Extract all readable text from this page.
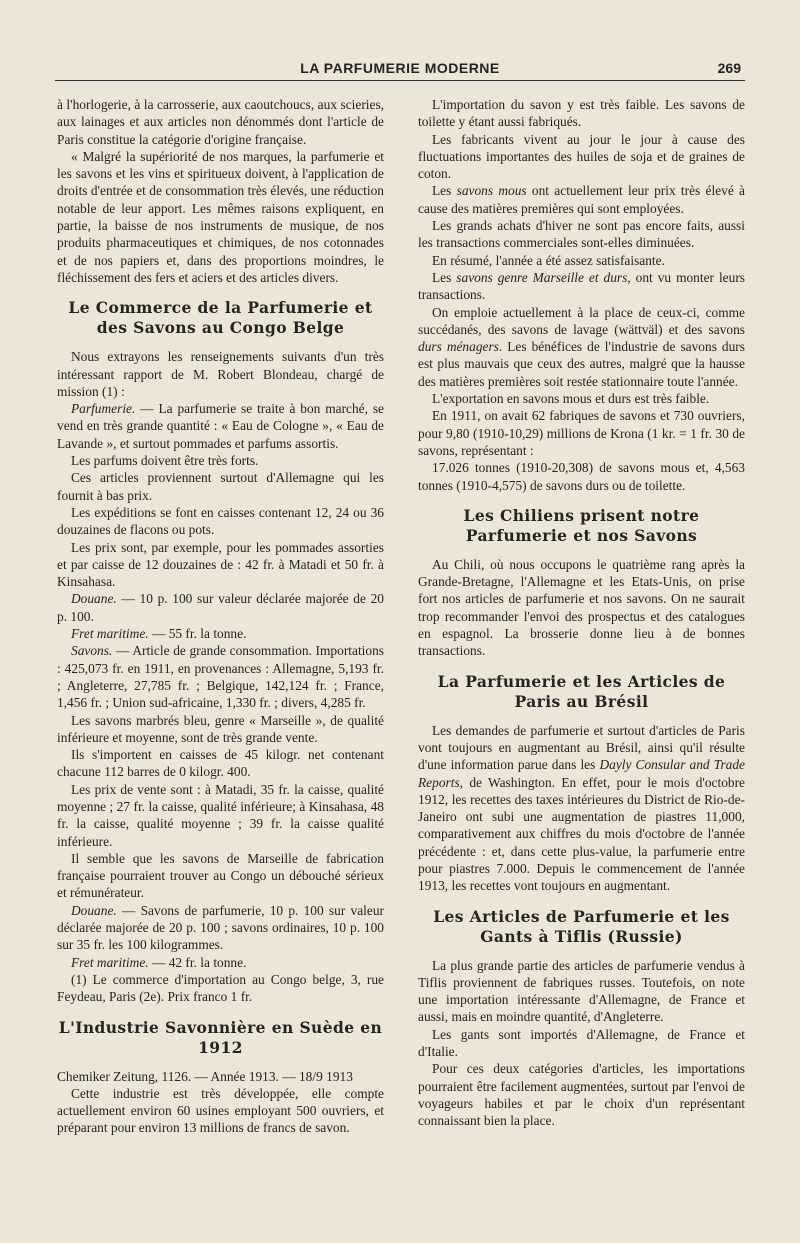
LA PARFUMERIE MODERNE	269

à l'horlogerie, à la carrosserie, aux caoutchoucs, aux scieries, aux lainages et aux articles non dénommés dont l'article de Paris constitue la catégorie d'origine française.

« Malgré la supériorité de nos marques, la parfumerie et les savons et les vins et spiritueux doivent, à l'application de droits d'entrée et de consommation très élevés, une réduction notable de leur apport. Les mêmes raisons expliquent, en partie, la baisse de nos instruments de musique, de nos produits pharmaceutiques et chimiques, de nos cotonnades et de nos papiers et, dans des proportions moindres, le fléchissement des fers et aciers et des articles divers.

Le Commerce de la Parfumerie et des Savons au Congo Belge

Nous extrayons les renseignements suivants d'un très intéressant rapport de M. Robert Blondeau, chargé de mission (1) :

Parfumerie. — La parfumerie se traite à bon marché, se vend en très grande quantité : « Eau de Cologne », « Eau de Lavande », et surtout pommades et parfums assortis.

Les parfums doivent être très forts.

Ces articles proviennent surtout d'Allemagne qui les fournit à bas prix.

Les expéditions se font en caisses contenant 12, 24 ou 36 douzaines de flacons ou pots.

Les prix sont, par exemple, pour les pommades assorties et par caisse de 12 douzaines de : 42 fr. à Matadi et 50 fr. à Kinsahasa.

Douane. — 10 p. 100 sur valeur déclarée majorée de 20 p. 100.

Fret maritime. — 55 fr. la tonne.

Savons. — Article de grande consommation. Importations : 425,073 fr. en 1911, en provenances : Allemagne, 5,193 fr. ; Angleterre, 27,785 fr. ; Belgique, 142,124 fr. ; France, 1,456 fr. ; Union sud-africaine, 1,330 fr. ; divers, 4,285 fr.

Les savons marbrés bleu, genre « Marseille », de qualité inférieure et moyenne, sont de très grande vente.

Ils s'importent en caisses de 45 kilogr. net contenant chacune 112 barres de 0 kilogr. 400.

Les prix de vente sont : à Matadi, 35 fr. la caisse, qualité moyenne ; 27 fr. la caisse, qualité inférieure; à Kinsahasa, 48 fr. la caisse, qualité moyenne ; 39 fr. la caisse qualité inférieure.

Il semble que les savons de Marseille de fabrication française pourraient trouver au Congo un débouché sérieux et rémunérateur.

Douane. — Savons de parfumerie, 10 p. 100 sur valeur déclarée majorée de 20 p. 100 ; savons ordinaires, 10 p. 100 sur 35 fr. les 100 kilogrammes.

Fret maritime. — 42 fr. la tonne.

(1) Le commerce d'importation au Congo belge, 3, rue Feydeau, Paris (2e). Prix franco 1 fr.

L'Industrie Savonnière en Suède en 1912

Chemiker Zeitung, 1126. — Année 1913. — 18/9 1913

Cette industrie est très développée, elle compte actuellement environ 60 usines employant 500 ouvriers, et préparant pour environ 13 millions de francs de savon.

L'importation du savon y est très faible. Les savons de toilette y étant aussi fabriqués.

Les fabricants vivent au jour le jour à cause des fluctuations importantes des huiles de soja et de graines de coton.

Les savons mous ont actuellement leur prix très élevé à cause des matières premières qui sont employées.

Les grands achats d'hiver ne sont pas encore faits, aussi les transactions commerciales sont-elles diminuées.

En résumé, l'année a été assez satisfaisante.

Les savons genre Marseille et durs, ont vu monter leurs transactions.

On emploie actuellement à la place de ceux-ci, comme succédanés, des savons de lavage (wättväl) et des savons durs ménagers. Les bénéfices de l'industrie de savons durs est plus mauvais que ceux des autres, malgré que la hausse des matières premières soit restée stationnaire toute l'année.

L'exportation en savons mous et durs est très faible.

En 1911, on avait 62 fabriques de savons et 730 ouvriers, pour 9,80 (1910-10,29) millions de Krona (1 kr. = 1 fr. 30 de savons, représentant :

17.026 tonnes (1910-20,308) de savons mous et, 4,563 tonnes (1910-4,575) de savons durs ou de toilette.

Les Chiliens prisent notre Parfumerie et nos Savons

Au Chili, où nous occupons le quatrième rang après la Grande-Bretagne, l'Allemagne et les Etats-Unis, on prise fort nos articles de parfumerie et nos savons. On ne saurait trop recommander l'envoi des prospectus et des catalogues en espagnol. La brosserie donne lieu à de bonnes transactions.

La Parfumerie et les Articles de Paris au Brésil

Les demandes de parfumerie et surtout d'articles de Paris vont toujours en augmentant au Brésil, ainsi qu'il résulte d'une information parue dans les Dayly Consular and Trade Reports, de Washington. En effet, pour le mois d'octobre 1912, les recettes des taxes intérieures du District de Rio-de-Janeiro ont subi une augmentation de piastres 11,000, comparativement aux chiffres du mois d'octobre de l'année précédente : et, dans cette plus-value, la parfumerie entre pour piastres 7.000. Depuis le commencement de l'année 1913, les recettes vont toujours en augmentant.

Les Articles de Parfumerie et les Gants à Tiflis (Russie)

La plus grande partie des articles de parfumerie vendus à Tiflis proviennent de fabriques russes. Toutefois, on note une importation intéressante d'Allemagne, de France et aussi, mais en moindre quantité, d'Angleterre.

Les gants sont importés d'Allemagne, de France et d'Italie.

Pour ces deux catégories d'articles, les importations pourraient être facilement augmentées, surtout par l'envoi de voyageurs habiles et par le choix d'un représentant connaissant bien la place.
